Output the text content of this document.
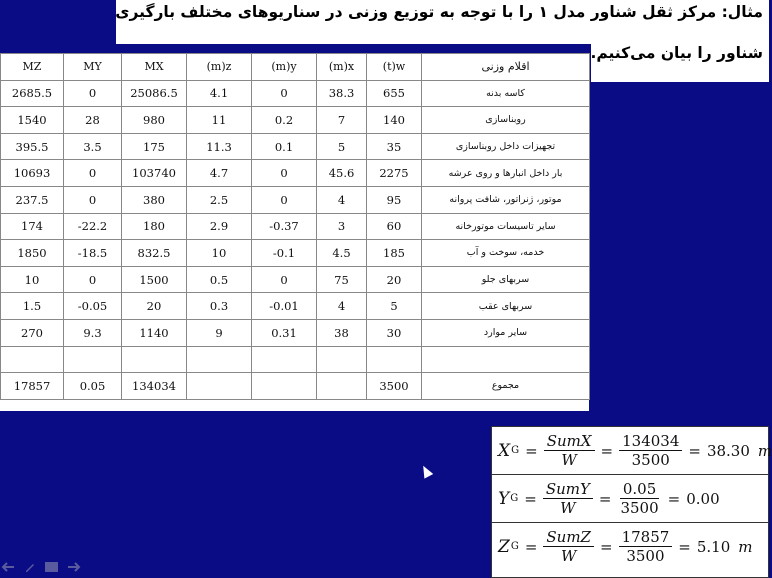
مثال: مرکز ثقل شناور مدل ۱ را با توجه به توزیع وزنی در سناریوهای مختلف بارگیری
شناور را بیان می‌کنیم.
MZ	MY	MX	(m)z	(m)y	(m)x	(t)w	اقلام وزنی
2685.5	0	25086.5	4.1	0	38.3	655	کاسه بدنه
1540	28	980	11	0.2	7	140	روبناسازی
395.5	3.5	175	11.3	0.1	5	35	تجهیزات داخل روبناسازی
10693	0	103740	4.7	0	45.6	2275	بار داخل انبارها و روی عرشه
237.5	0	380	2.5	0	4	95	موتور، ژنراتور، شافت پروانه
174	-22.2	180	2.9	-0.37	3	60	سایر تاسیسات موتورخانه
1850	-18.5	832.5	10	-0.1	4.5	185	خدمه، سوخت و آب
10	0	1500	0.5	0	75	20	سربهای جلو
1.5	-0.05	20	0.3	-0.01	4	5	سربهای عقب
270	9.3	1140	9	0.31	38	30	سایر موارد

17857	0.05	134034				3500	مجموع
X $G = \frac{\text{SumX}}{W} = \frac{134034}{3500} = 38.30$ m
Y $G = \frac{\text{SumY}}{W} = \frac{0.05}{3500} = 0.00$
Z $G = \frac{\text{SumZ}}{W} = \frac{17857}{3500} = 5.10$ m
